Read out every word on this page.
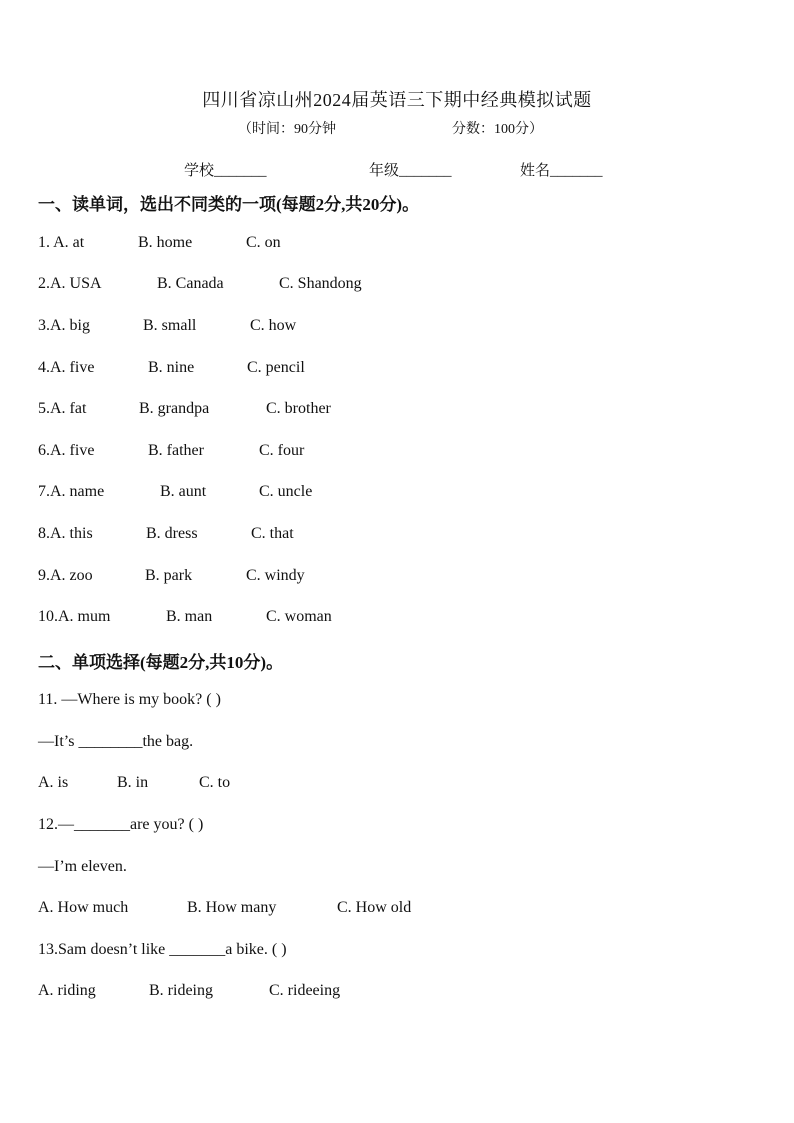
四川省凉山州2024届英语三下期中经典模拟试题
（时间：90分钟	分数：100分）
学校_______	年级_______	姓名_______
一、读单词，选出不同类的一项(每题2分,共20分)。
1. A. at	B. home	C. on
2.A. USA	B. Canada	C. Shandong
3.A. big	B. small	C. how
4.A. five	B. nine	C. pencil
5.A. fat	B. grandpa	C. brother
6.A. five	B. father	C. four
7.A. name	B. aunt	C. uncle
8.A. this	B. dress	C. that
9.A. zoo	B. park	C. windy
10.A. mum	B. man	C. woman
二、单项选择(每题2分,共10分)。
11. —Where is my book? ( )
—It’s ________the bag.
A. is	B. in	C. to
12.—_______are you? ( )
—I’m eleven.
A. How much	B. How many	C. How old
13.Sam doesn’t like _______a bike. ( )
A. riding	B. rideing	C. rideeing
